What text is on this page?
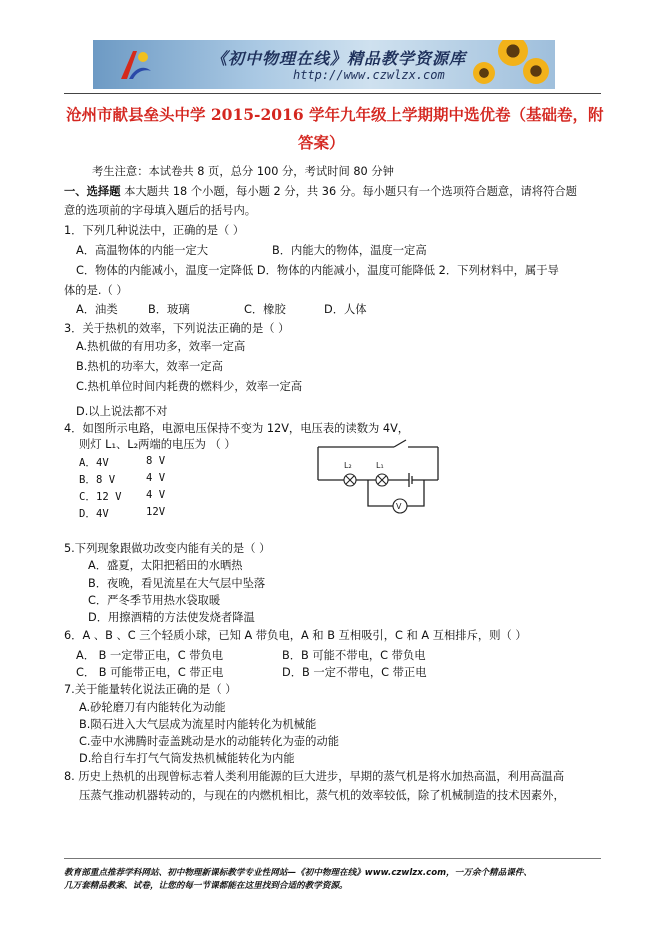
《初中物理在线》精品教学资源库
http://www.czwlzx.com
沧州市献县垒头中学 2015-2016 学年九年级上学期期中选优卷（基础卷，附
答案）
考生注意：本试卷共 8 页，总分 100 分，考试时间 80 分钟
一、选择题 本大题共 18 个小题，每小题 2 分，共 36 分。每小题只有一个选项符合题意，请将符合题
意的选项前的字母填入题后的括号内。
1．下列几种说法中，正确的是（ ）
A．高温物体的内能一定大	B．内能大的物体，温度一定高
C．物体的内能减小，温度一定降低 D．物体的内能减小，温度可能降低 2．下列材料中，属于导
体的是.（ ）
A．油类	B．玻璃	C．橡胶	D．人体
3．关于热机的效率，下列说法正确的是（ ）
A.热机做的有用功多，效率一定高
B.热机的功率大，效率一定高
C.热机单位时间内耗费的燃料少，效率一定高
D.以上说法都不对
4．如图所示电路，电源电压保持不变为 12V，电压表的读数为 4V，
则灯 L₁、L₂两端的电压为 （ ）
A．4V	8 V
B．8 V	4 V
C．12 V 4 V
D．4V	12V
L₂	L₁
V
5.下列现象跟做功改变内能有关的是（ ）
A．盛夏，太阳把稻田的水晒热
B．夜晚，看见流星在大气层中坠落
C．严冬季节用热水袋取暖
D．用擦酒精的方法使发烧者降温
6．A 、B 、C 三个轻质小球，已知 A 带负电，A 和 B 互相吸引，C 和 A 互相排斥，则（ ）
A． B 一定带正电，C 带负电	B．B 可能不带电，C 带负电
C． B 可能带正电，C 带正电	D．B 一定不带电，C 带正电
7.关于能量转化说法正确的是（ ）
A.砂轮磨刀有内能转化为动能
B.陨石进入大气层成为流星时内能转化为机械能
C.壶中水沸腾时壶盖跳动是水的动能转化为壶的动能
D.给自行车打气气筒发热机械能转化为内能
8. 历史上热机的出现曾标志着人类利用能源的巨大进步，早期的蒸气机是将水加热高温，利用高温高
压蒸气推动机器转动的，与现在的内燃机相比，蒸气机的效率较低，除了机械制造的技术因素外，
教育部重点推荐学科网站、初中物理新课标教学专业性网站—《初中物理在线》www.czwlzx.com，一万余个精品课件、
几万套精品教案、试卷，让您的每一节课都能在这里找到合适的教学资源。
